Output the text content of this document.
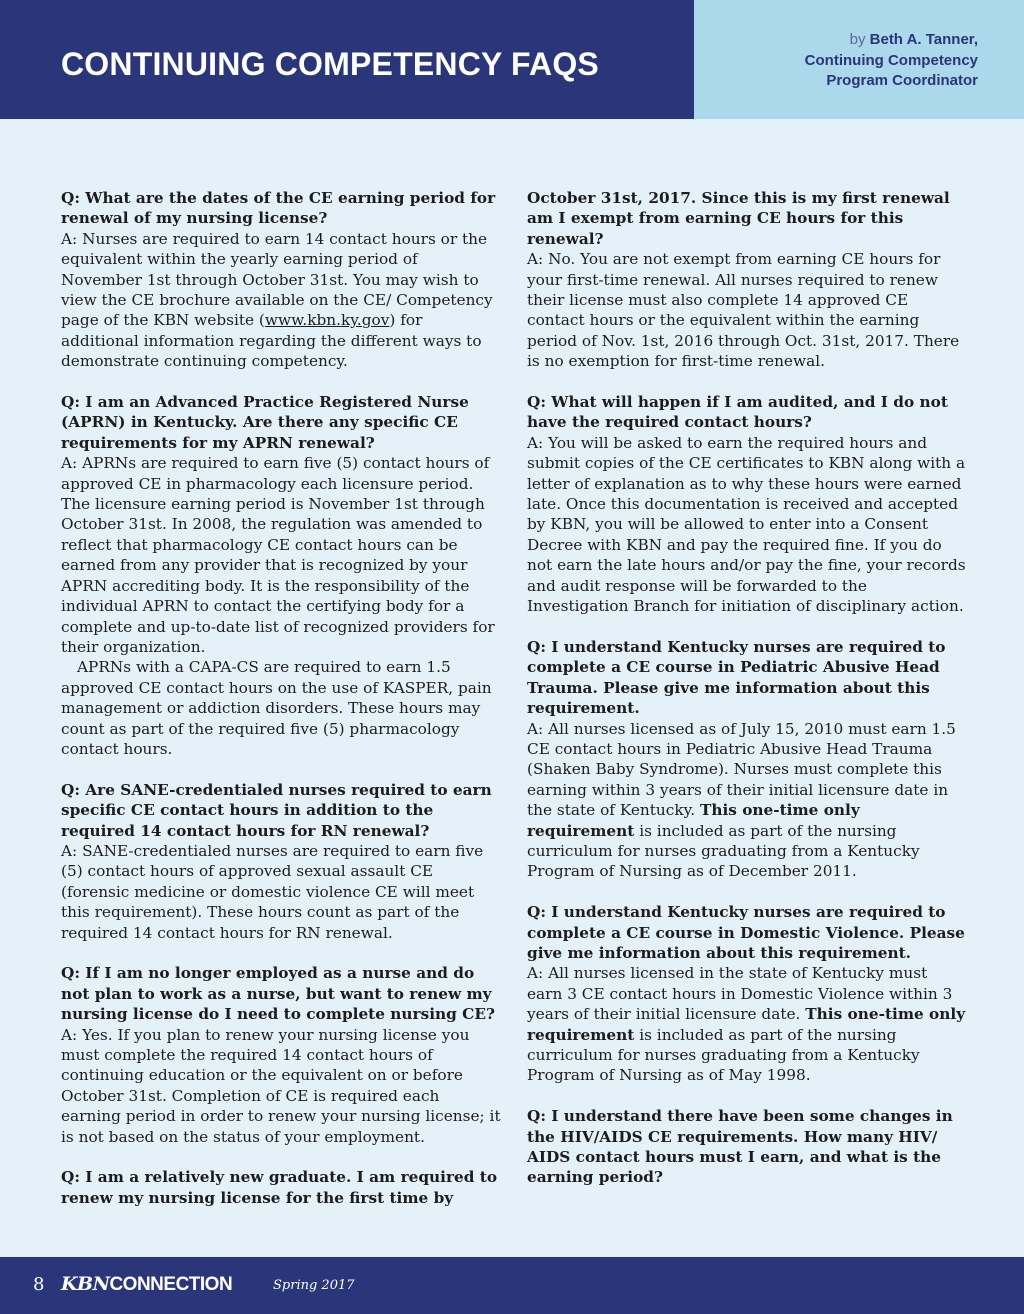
CONTINUING COMPETENCY FAQS
by Beth A. Tanner,
Continuing Competency
Program Coordinator

Q: What are the dates of the CE earning period for renewal of my nursing license?

A: Nurses are required to earn 14 contact hours or the equivalent within the yearly earning period of November 1st through October 31st. You may wish to view the CE brochure available on the CE/ Competency page of the KBN website (www.kbn.ky.gov) for additional information regarding the different ways to demonstrate continuing competency.

Q: I am an Advanced Practice Registered Nurse (APRN) in Kentucky. Are there any specific CE requirements for my APRN renewal?

A: APRNs are required to earn five (5) contact hours of approved CE in pharmacology each licensure period. The licensure earning period is November 1st through October 31st. In 2008, the regulation was amended to reflect that pharmacology CE contact hours can be earned from any provider that is recognized by your APRN accrediting body. It is the responsibility of the individual APRN to contact the certifying body for a complete and up-to-date list of recognized providers for their organization.

APRNs with a CAPA-CS are required to earn 1.5 approved CE contact hours on the use of KASPER, pain management or addiction disorders. These hours may count as part of the required five (5) pharmacology contact hours.

Q: Are SANE-credentialed nurses required to earn specific CE contact hours in addition to the required 14 contact hours for RN renewal?

A: SANE-credentialed nurses are required to earn five (5) contact hours of approved sexual assault CE (forensic medicine or domestic violence CE will meet this requirement). These hours count as part of the required 14 contact hours for RN renewal.

Q: If I am no longer employed as a nurse and do not plan to work as a nurse, but want to renew my nursing license do I need to complete nursing CE?

A: Yes. If you plan to renew your nursing license you must complete the required 14 contact hours of continuing education or the equivalent on or before October 31st. Completion of CE is required each earning period in order to renew your nursing license; it is not based on the status of your employment.

Q: I am a relatively new graduate. I am required to renew my nursing license for the first time by

October 31st, 2017. Since this is my first renewal am I exempt from earning CE hours for this renewal?

A: No. You are not exempt from earning CE hours for your first-time renewal. All nurses required to renew their license must also complete 14 approved CE contact hours or the equivalent within the earning period of Nov. 1st, 2016 through Oct. 31st, 2017. There is no exemption for first-time renewal.

Q: What will happen if I am audited, and I do not have the required contact hours?

A: You will be asked to earn the required hours and submit copies of the CE certificates to KBN along with a letter of explanation as to why these hours were earned late. Once this documentation is received and accepted by KBN, you will be allowed to enter into a Consent Decree with KBN and pay the required fine. If you do not earn the late hours and/or pay the fine, your records and audit response will be forwarded to the Investigation Branch for initiation of disciplinary action.

Q: I understand Kentucky nurses are required to complete a CE course in Pediatric Abusive Head Trauma. Please give me information about this requirement.

A: All nurses licensed as of July 15, 2010 must earn 1.5 CE contact hours in Pediatric Abusive Head Trauma (Shaken Baby Syndrome). Nurses must complete this earning within 3 years of their initial licensure date in the state of Kentucky. This one-time only requirement is included as part of the nursing curriculum for nurses graduating from a Kentucky Program of Nursing as of December 2011.

Q: I understand Kentucky nurses are required to complete a CE course in Domestic Violence. Please give me information about this requirement.

A: All nurses licensed in the state of Kentucky must earn 3 CE contact hours in Domestic Violence within 3 years of their initial licensure date. This one-time only requirement is included as part of the nursing curriculum for nurses graduating from a Kentucky Program of Nursing as of May 1998.

Q: I understand there have been some changes in the HIV/AIDS CE requirements. How many HIV/ AIDS contact hours must I earn, and what is the earning period?

8 KBNCONNECTION	Spring 2017
